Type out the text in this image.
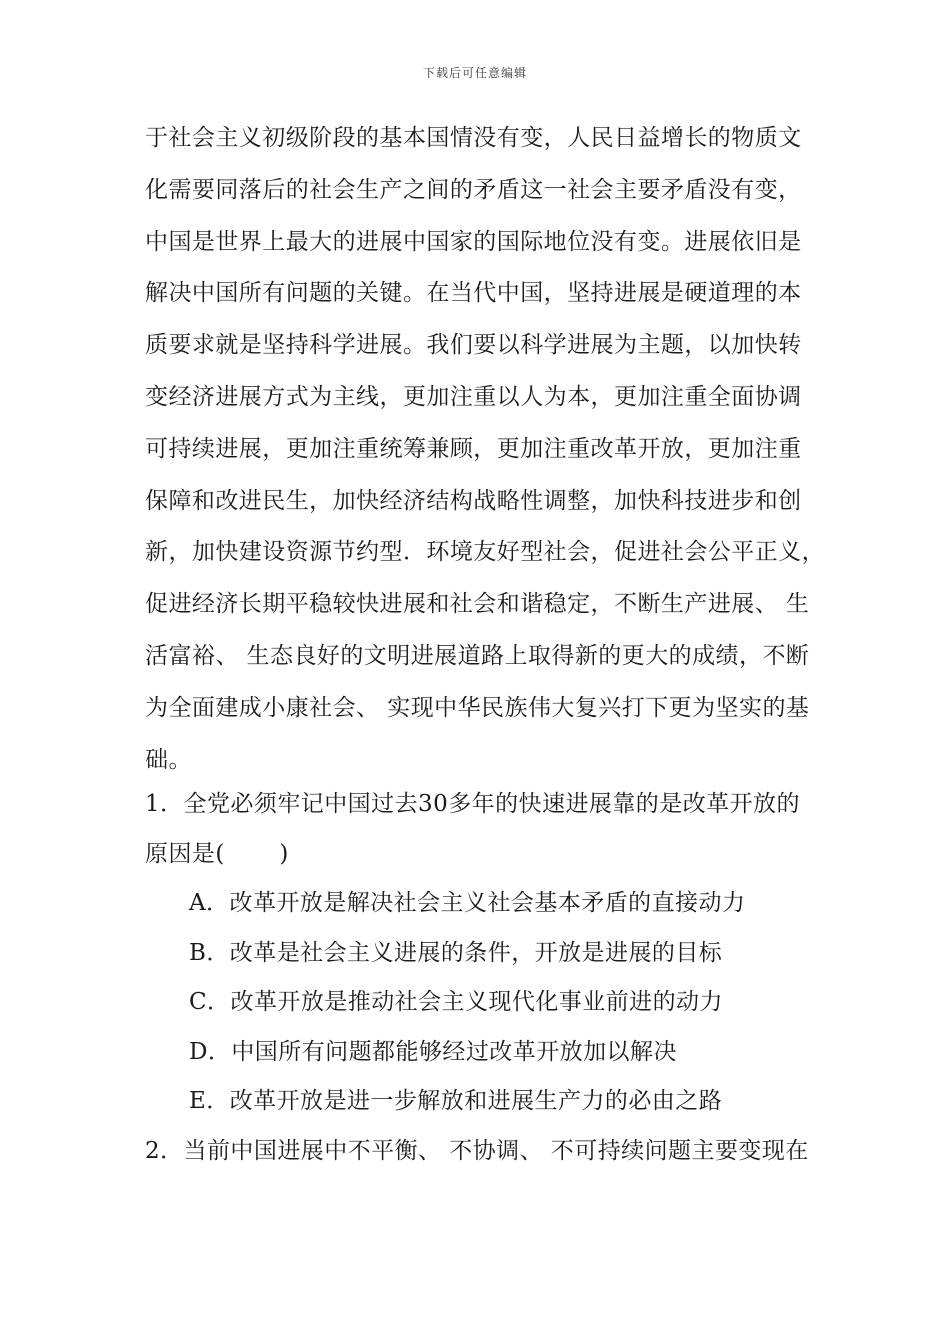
下载后可任意编辑
于社会主义初级阶段的基本国情没有变，人民日益增长的物质文
化需要同落后的社会生产之间的矛盾这一社会主要矛盾没有变，
中国是世界上最大的进展中国家的国际地位没有变。进展依旧是
解决中国所有问题的关键。在当代中国，坚持进展是硬道理的本
质要求就是坚持科学进展。我们要以科学进展为主题，以加快转
变经济进展方式为主线，更加注重以人为本，更加注重全面协调
可持续进展，更加注重统筹兼顾，更加注重改革开放，更加注重
保障和改进民生，加快经济结构战略性调整，加快科技进步和创
新，加快建设资源节约型．环境友好型社会，促进社会公平正义，
促进经济长期平稳较快进展和社会和谐稳定，不断生产进展、 生
活富裕、 生态良好的文明进展道路上取得新的更大的成绩，不断
为全面建成小康社会、 实现中华民族伟大复兴打下更为坚实的基
础。
1．全党必须牢记中国过去30多年的快速进展靠的是改革开放的
原因是(　　 )
A．改革开放是解决社会主义社会基本矛盾的直接动力
B．改革是社会主义进展的条件，开放是进展的目标
C．改革开放是推动社会主义现代化事业前进的动力
D．中国所有问题都能够经过改革开放加以解决
E．改革开放是进一步解放和进展生产力的必由之路
2．当前中国进展中不平衡、 不协调、 不可持续问题主要变现在
